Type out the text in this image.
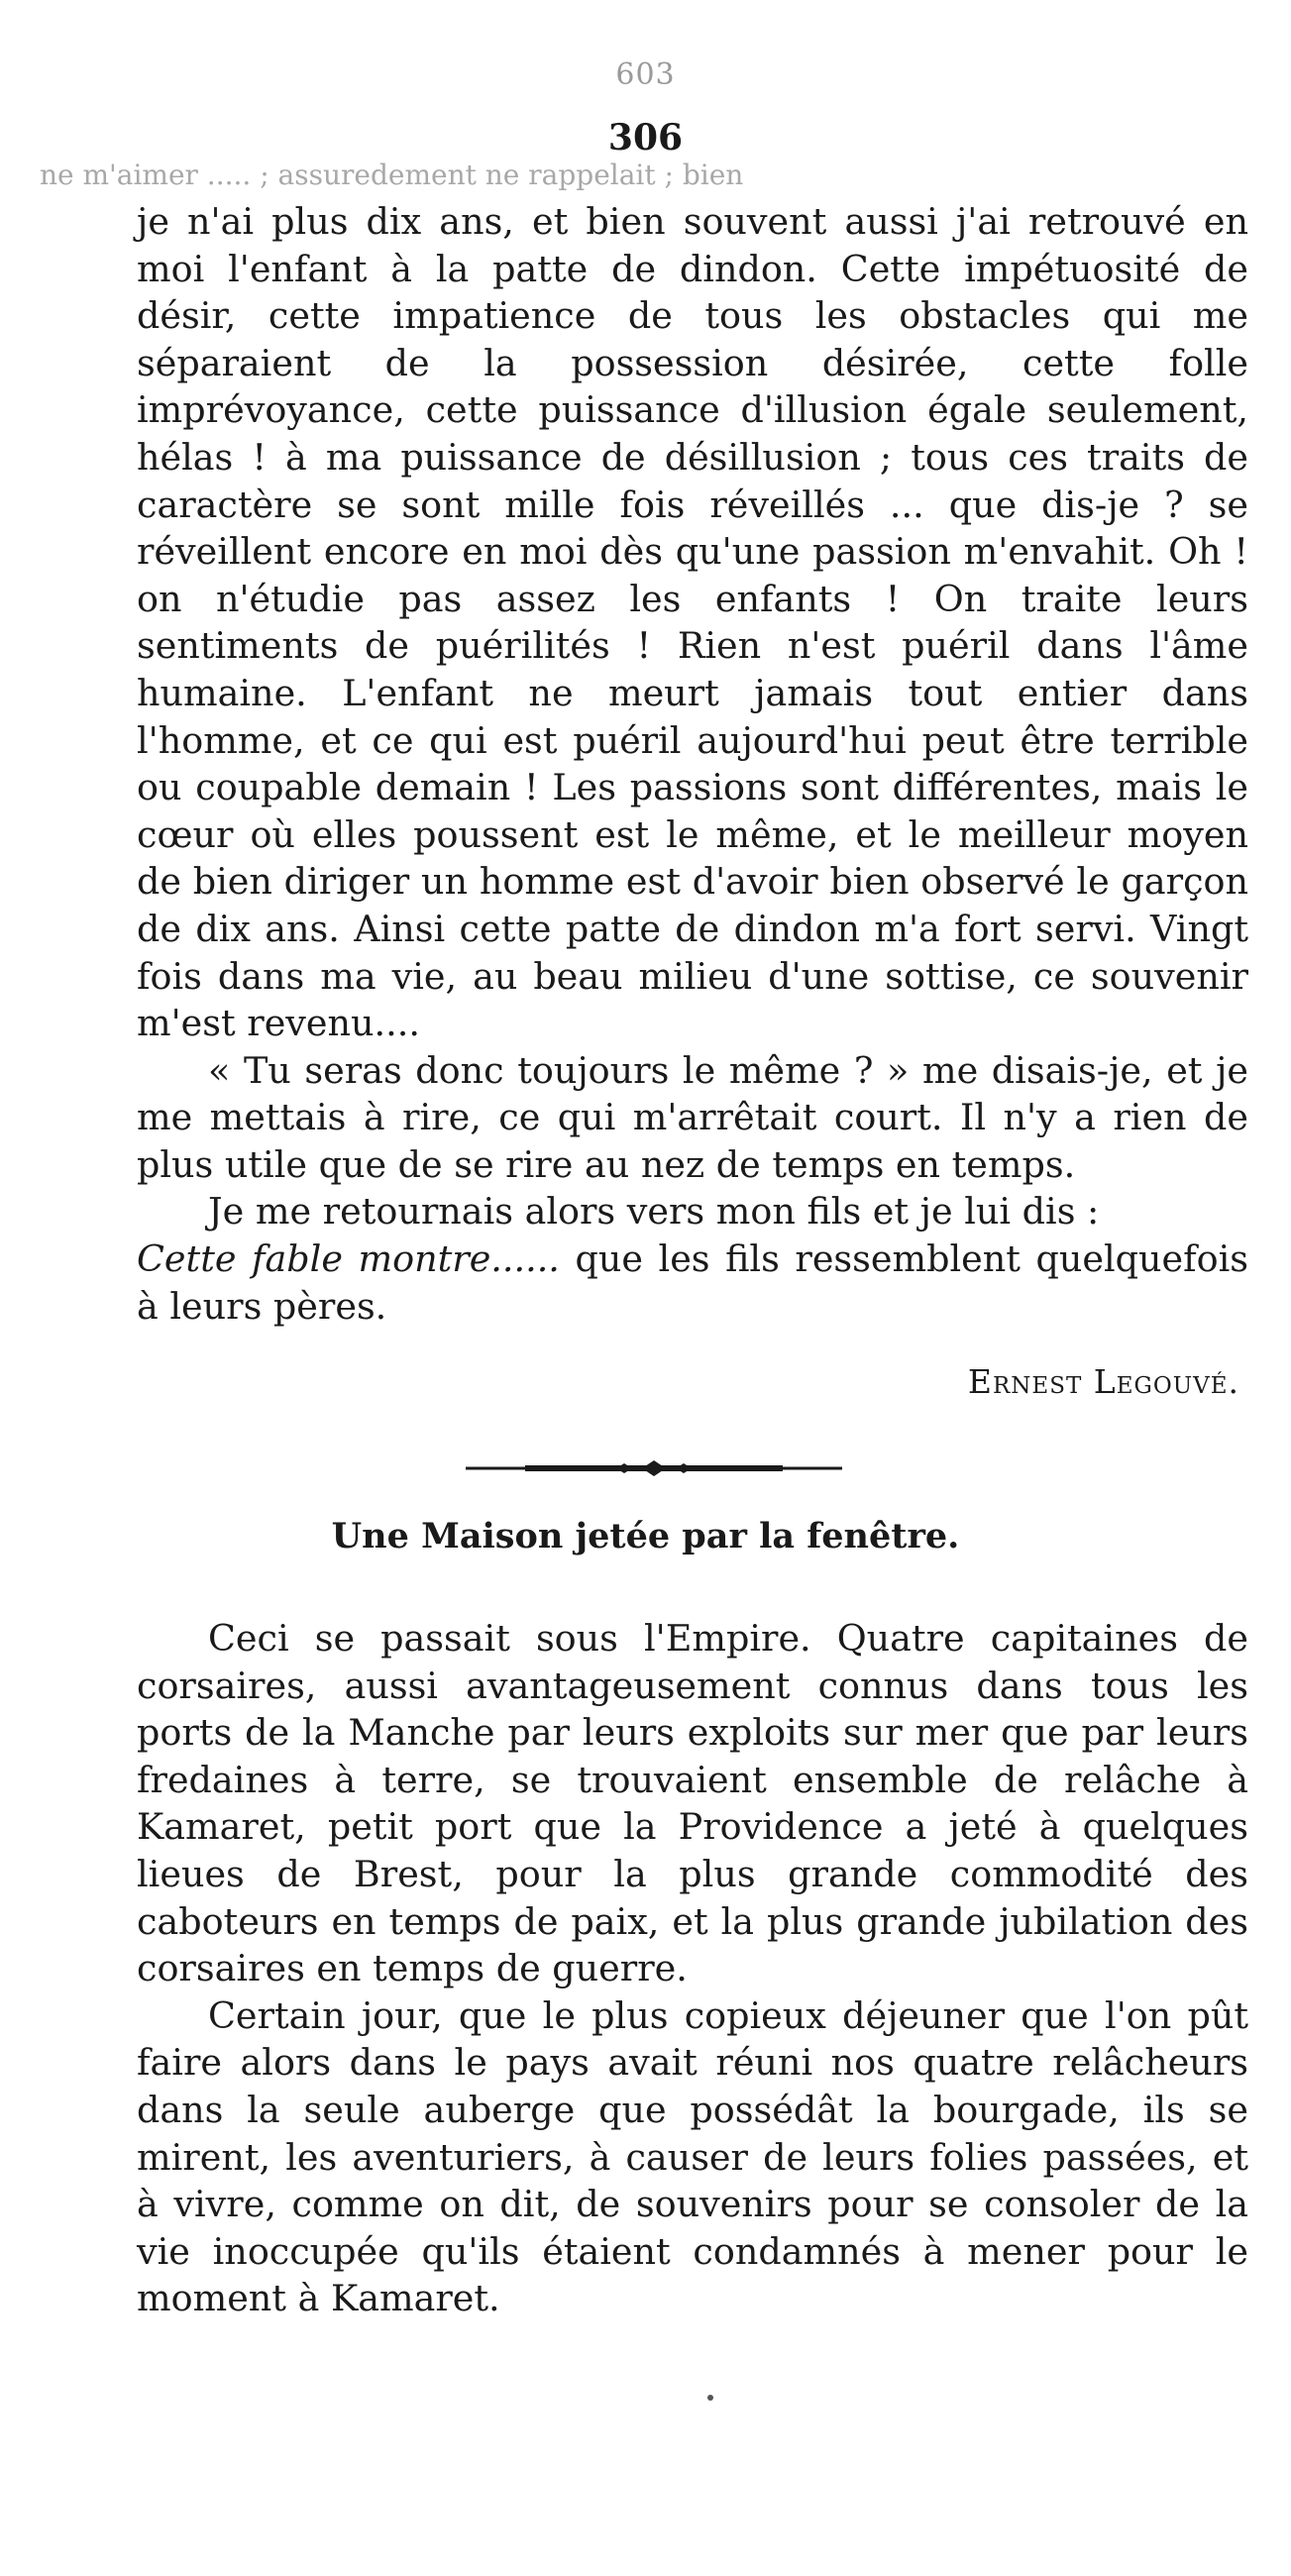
603
306
ne m'aimer ..... ; assuredement ne rappelait ; bien

je n'ai plus dix ans, et bien souvent aussi j'ai retrouvé en moi l'enfant à la patte de dindon. Cette impétuosité de désir, cette impatience de tous les obstacles qui me séparaient de la possession désirée, cette folle imprévoyance, cette puissance d'illusion égale seulement, hélas ! à ma puissance de désillusion ; tous ces traits de caractère se sont mille fois réveillés ... que dis-je ? se réveillent encore en moi dès qu'une passion m'envahit. Oh ! on n'étudie pas assez les enfants ! On traite leurs sentiments de puérilités ! Rien n'est puéril dans l'âme humaine. L'enfant ne meurt jamais tout entier dans l'homme, et ce qui est puéril aujourd'hui peut être terrible ou coupable demain ! Les passions sont différentes, mais le cœur où elles poussent est le même, et le meilleur moyen de bien diriger un homme est d'avoir bien observé le garçon de dix ans. Ainsi cette patte de dindon m'a fort servi. Vingt fois dans ma vie, au beau milieu d'une sottise, ce souvenir m'est revenu....

« Tu seras donc toujours le même ? » me disais-je, et je me mettais à rire, ce qui m'arrêtait court. Il n'y a rien de plus utile que de se rire au nez de temps en temps.

Je me retournais alors vers mon fils et je lui dis :
Cette fable montre...... que les fils ressemblent quelquefois à leurs pères.

Ernest Legouvé.
Une Maison jetée par la fenêtre.

Ceci se passait sous l'Empire. Quatre capitaines de corsaires, aussi avantageusement connus dans tous les ports de la Manche par leurs exploits sur mer que par leurs fredaines à terre, se trouvaient ensemble de relâche à Kamaret, petit port que la Providence a jeté à quelques lieues de Brest, pour la plus grande commodité des caboteurs en temps de paix, et la plus grande jubilation des corsaires en temps de guerre.

Certain jour, que le plus copieux déjeuner que l'on pût faire alors dans le pays avait réuni nos quatre relâcheurs dans la seule auberge que possédât la bourgade, ils se mirent, les aventuriers, à causer de leurs folies passées, et à vivre, comme on dit, de souvenirs pour se consoler de la vie inoccupée qu'ils étaient condamnés à mener pour le moment à Kamaret.
